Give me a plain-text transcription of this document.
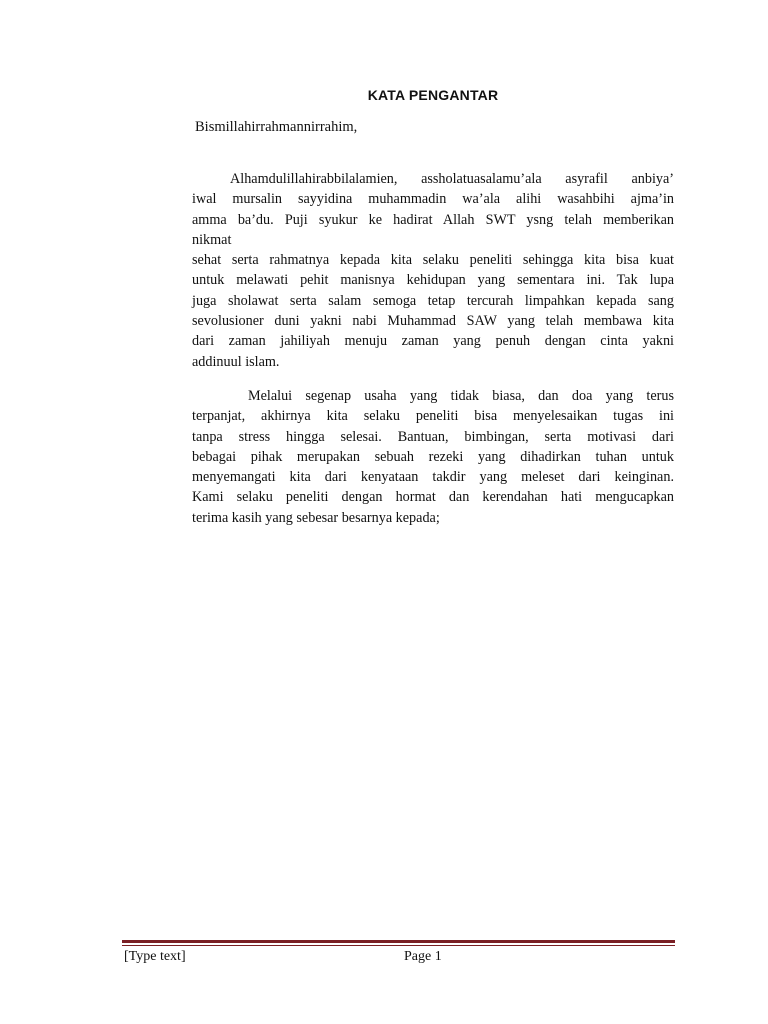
KATA PENGANTAR
Bismillahirrahmannirrahim,
Alhamdulillahirabbilalamien, assholatuasalamu’ala asyrafil anbiya’
iwal mursalin sayyidina muhammadin wa’ala alihi wasahbihi ajma’in
amma ba’du. Puji syukur ke hadirat Allah SWT ysng telah memberikan
nikmat
sehat serta rahmatnya kepada kita selaku peneliti sehingga kita bisa kuat
untuk melawati pehit manisnya kehidupan yang sementara ini. Tak lupa
juga sholawat serta salam semoga tetap tercurah limpahkan kepada sang
sevolusioner duni yakni nabi Muhammad SAW yang telah membawa kita
dari zaman jahiliyah menuju zaman yang penuh dengan cinta yakni
addinuul islam.
Melalui segenap usaha yang tidak biasa, dan doa yang terus
terpanjat, akhirnya kita selaku peneliti bisa menyelesaikan tugas ini
tanpa stress hingga selesai. Bantuan, bimbingan, serta motivasi dari
bebagai pihak merupakan sebuah rezeki yang dihadirkan tuhan untuk
menyemangati kita dari kenyataan takdir yang meleset dari keinginan.
Kami selaku peneliti dengan hormat dan kerendahan hati mengucapkan
terima kasih yang sebesar besarnya kepada;
[Type text]	Page 1
